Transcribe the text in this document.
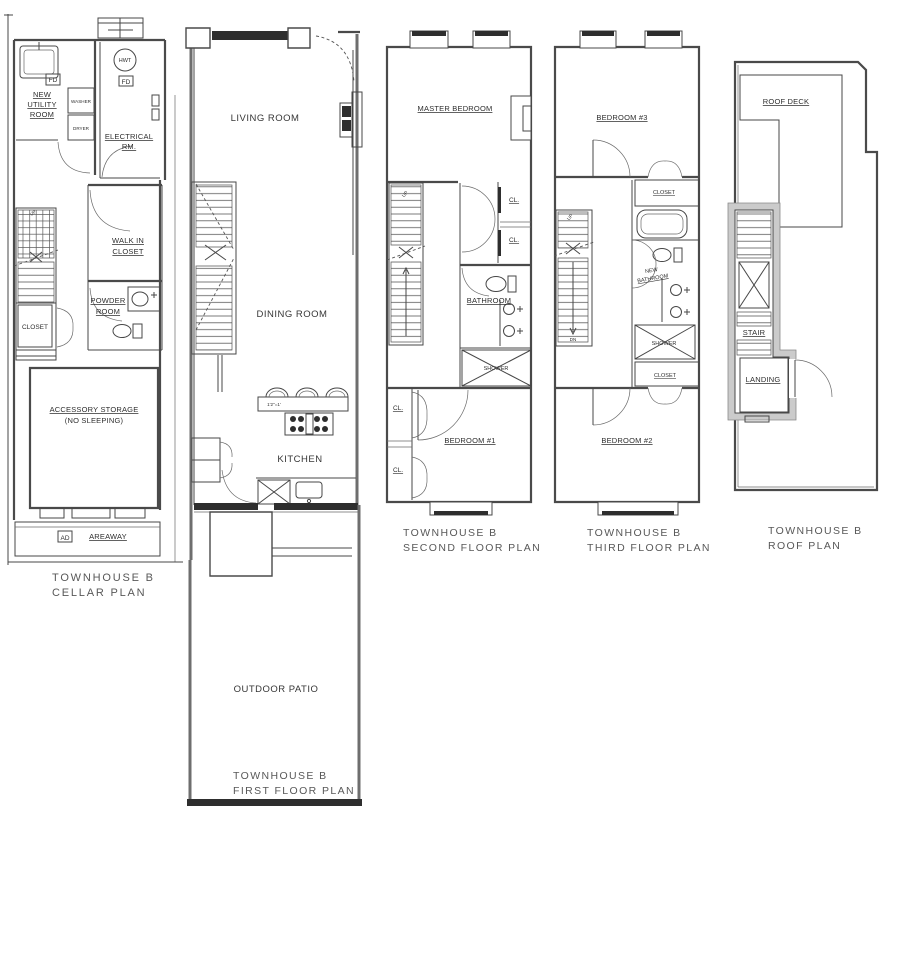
NEW
UTILITY
ROOM
FD
WASHER
DRYER
HWT
FD
ELECTRICAL
RM.
UP
WALK IN
CLOSET
CLOSET
POWDER
ROOM
ACCESSORY STORAGE
(NO SLEEPING)
AD	AREAWAY
TOWNHOUSE B
CELLAR PLAN
LIVING ROOM
DINING ROOM
KITCHEN
1'2"=1'
OUTDOOR PATIO
TOWNHOUSE B
FIRST FLOOR PLAN
MASTER BEDROOM
UP
CL.
CL.
BATHROOM
SHOWER
BEDROOM #1
CL.
CL.
TOWNHOUSE B
SECOND FLOOR PLAN
BEDROOM #3
CLOSET
UP
DN
NEW
BATHROOM
SHOWER
CLOSET
BEDROOM #2
TOWNHOUSE B
THIRD FLOOR PLAN
ROOF DECK
STAIR
LANDING
TOWNHOUSE B
ROOF PLAN
